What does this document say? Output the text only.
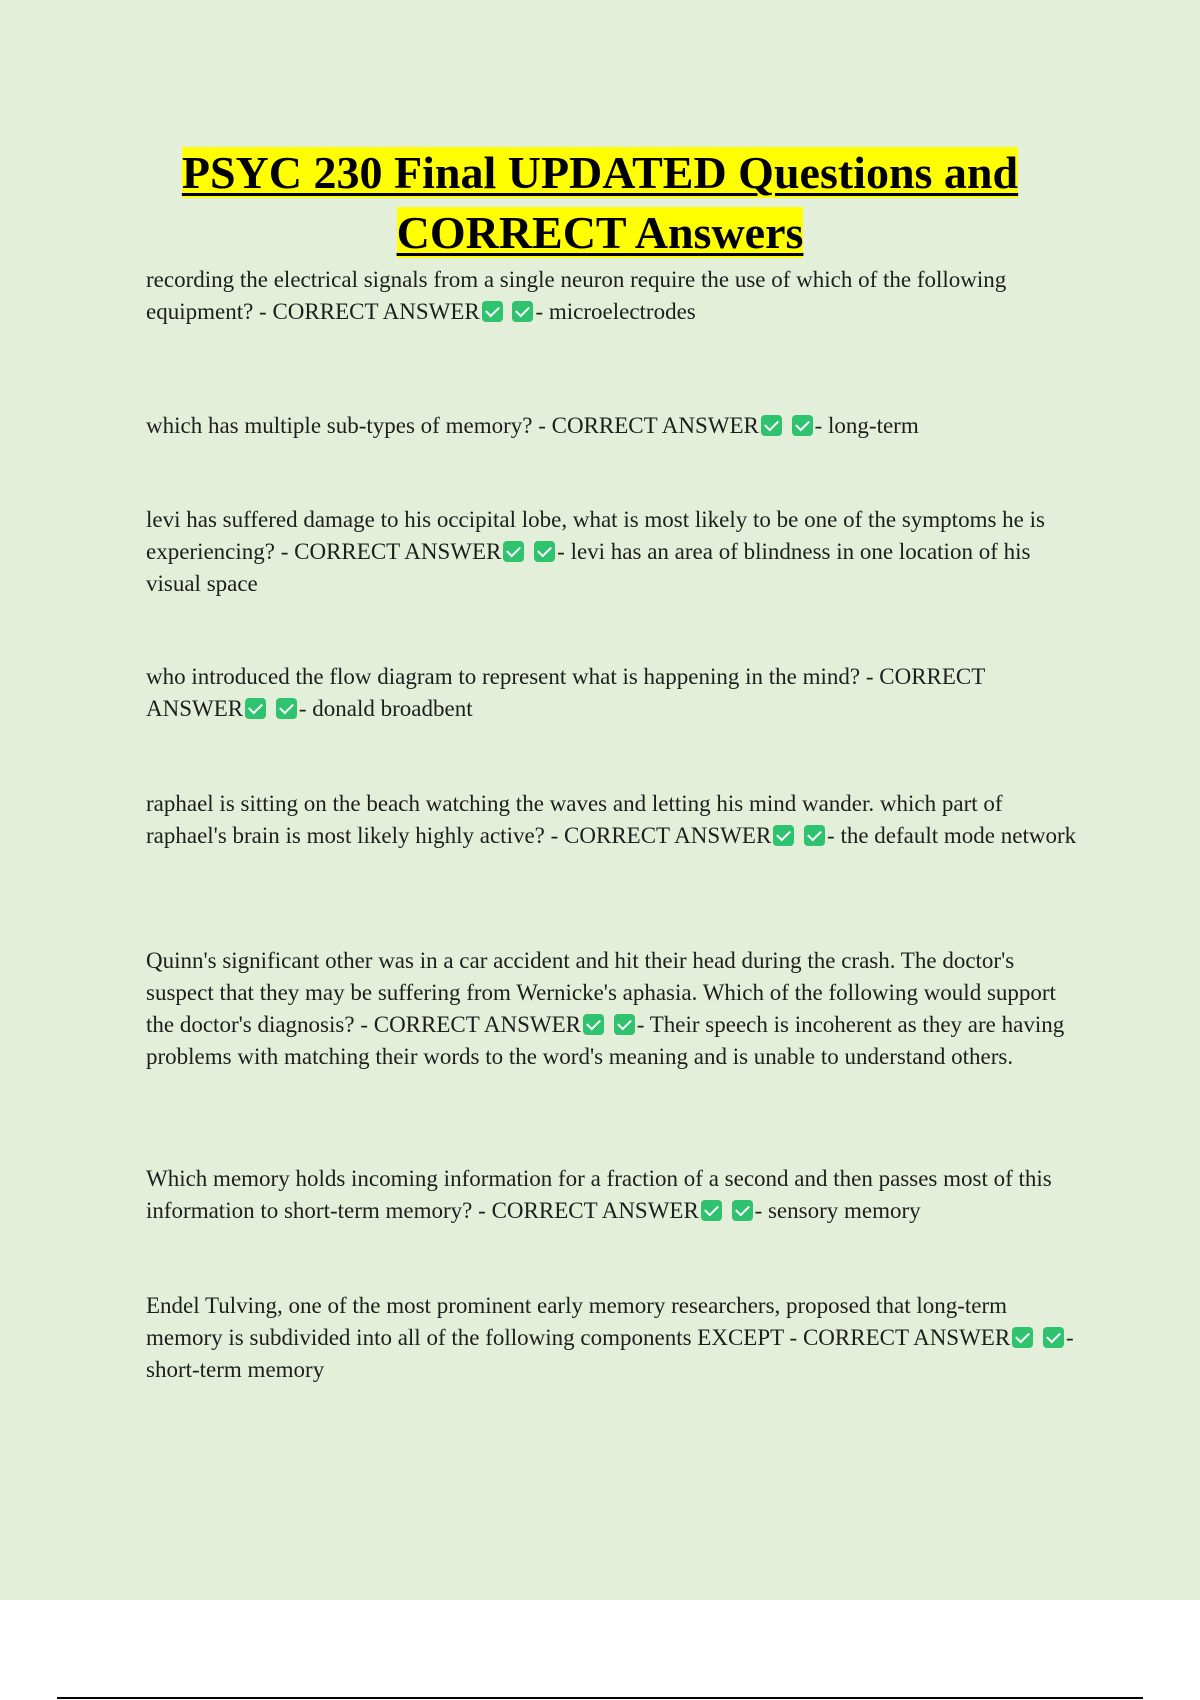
PSYC 230 Final UPDATED Questions and CORRECT Answers

recording the electrical signals from a single neuron require the use of which of the following equipment? - CORRECT ANSWER - microelectrodes

which has multiple sub-types of memory? - CORRECT ANSWER - long-term

levi has suffered damage to his occipital lobe, what is most likely to be one of the symptoms he is experiencing? - CORRECT ANSWER - levi has an area of blindness in one location of his visual space

who introduced the flow diagram to represent what is happening in the mind? - CORRECT ANSWER - donald broadbent

raphael is sitting on the beach watching the waves and letting his mind wander. which part of raphael's brain is most likely highly active? - CORRECT ANSWER - the default mode network

Quinn's significant other was in a car accident and hit their head during the crash. The doctor's suspect that they may be suffering from Wernicke's aphasia. Which of the following would support the doctor's diagnosis? - CORRECT ANSWER - Their speech is incoherent as they are having problems with matching their words to the word's meaning and is unable to understand others.

Which memory holds incoming information for a fraction of a second and then passes most of this information to short-term memory? - CORRECT ANSWER - sensory memory

Endel Tulving, one of the most prominent early memory researchers, proposed that long-term memory is subdivided into all of the following components EXCEPT - CORRECT ANSWER - short-term memory
